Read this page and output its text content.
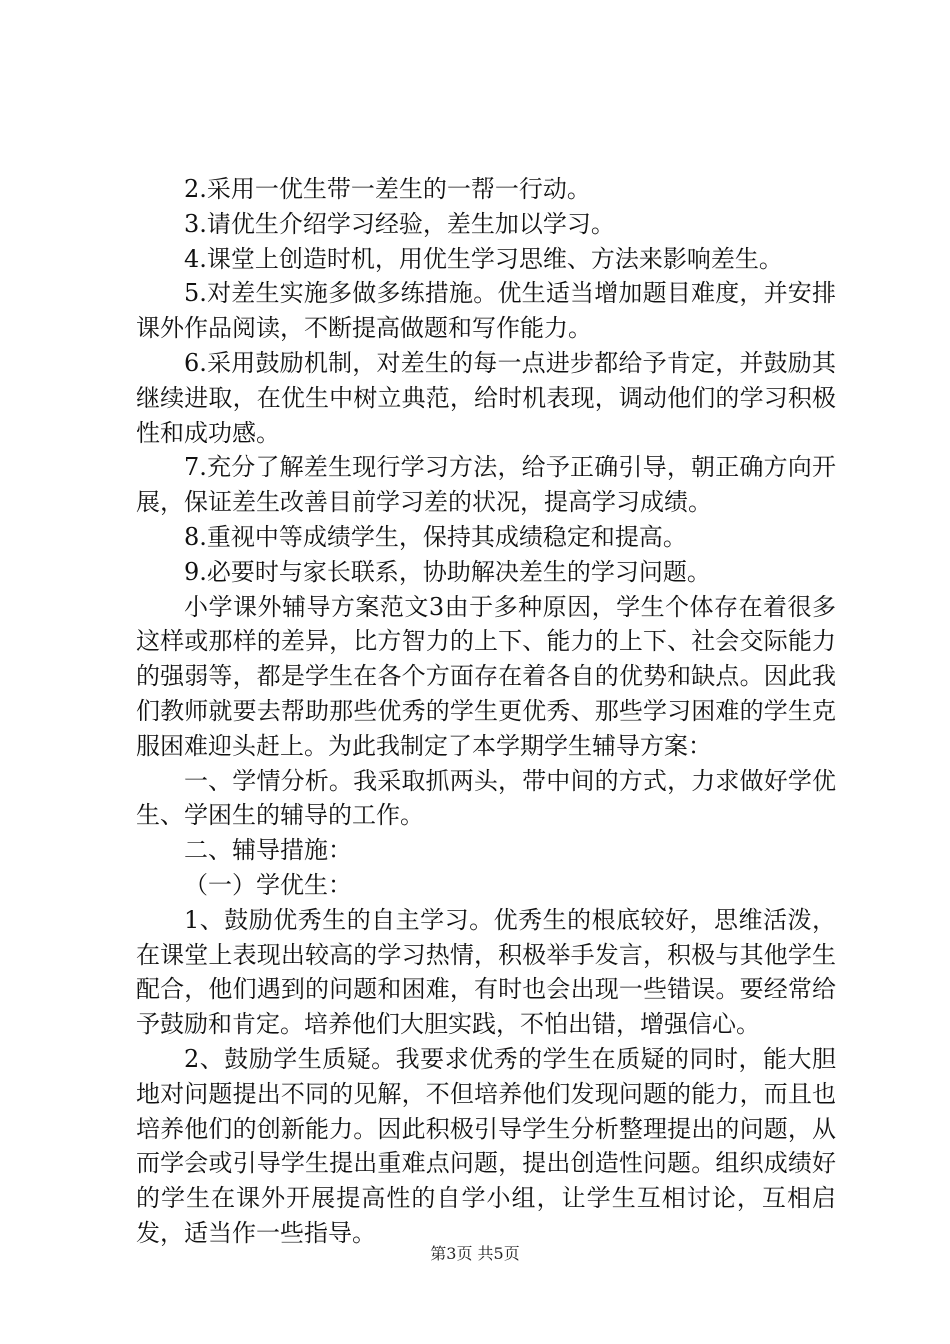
2.采用一优生带一差生的一帮一行动。

3.请优生介绍学习经验，差生加以学习。

4.课堂上创造时机，用优生学习思维、方法来影响差生。

5.对差生实施多做多练措施。优生适当增加题目难度，并安排课外作品阅读，不断提高做题和写作能力。

6.采用鼓励机制，对差生的每一点进步都给予肯定，并鼓励其继续进取，在优生中树立典范，给时机表现，调动他们的学习积极性和成功感。

7.充分了解差生现行学习方法，给予正确引导，朝正确方向开展，保证差生改善目前学习差的状况，提高学习成绩。

8.重视中等成绩学生，保持其成绩稳定和提高。

9.必要时与家长联系，协助解决差生的学习问题。

小学课外辅导方案范文3由于多种原因，学生个体存在着很多这样或那样的差异，比方智力的上下、能力的上下、社会交际能力的强弱等，都是学生在各个方面存在着各自的优势和缺点。因此我们教师就要去帮助那些优秀的学生更优秀、那些学习困难的学生克服困难迎头赶上。为此我制定了本学期学生辅导方案：

一、学情分析。我采取抓两头，带中间的方式，力求做好学优生、学困生的辅导的工作。

二、辅导措施：

（一）学优生：

1、鼓励优秀生的自主学习。优秀生的根底较好，思维活泼，在课堂上表现出较高的学习热情，积极举手发言，积极与其他学生配合，他们遇到的问题和困难，有时也会出现一些错误。要经常给予鼓励和肯定。培养他们大胆实践，不怕出错，增强信心。

2、鼓励学生质疑。我要求优秀的学生在质疑的同时，能大胆地对问题提出不同的见解，不但培养他们发现问题的能力，而且也培养他们的创新能力。因此积极引导学生分析整理提出的问题，从而学会或引导学生提出重难点问题，提出创造性问题。组织成绩好的学生在课外开展提高性的自学小组，让学生互相讨论，互相启发，适当作一些指导。

第3页 共5页
